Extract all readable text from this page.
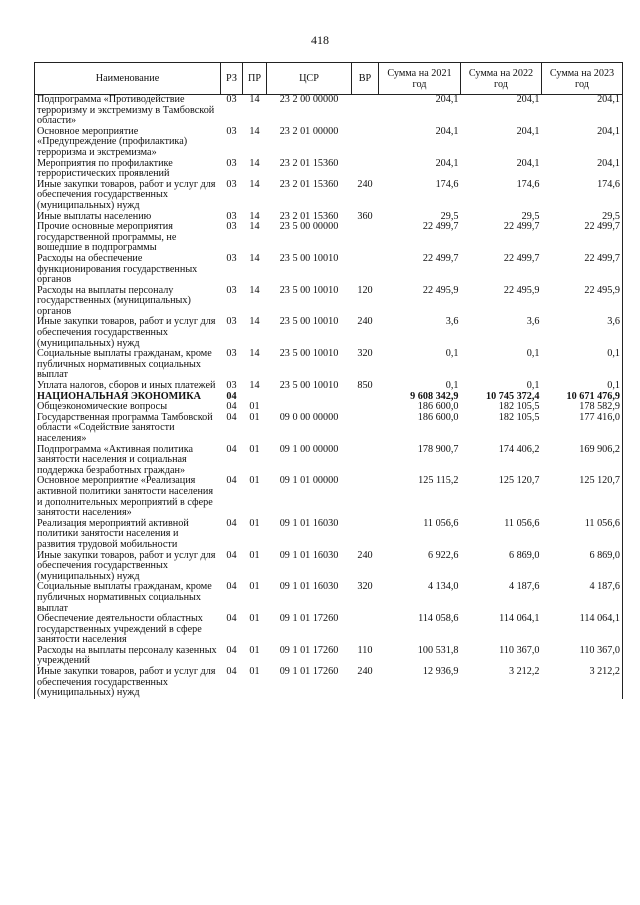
418
Наименование	РЗ	ПР	ЦСР	ВР	Сумма на 2021 год	Сумма на 2022 год	Сумма на 2023 год
Подпрограмма «Противодействие терроризму и экстремизму в Тамбовской области»	03	14	23 2 00 00000		204,1	204,1	204,1
Основное мероприятие «Предупреждение (профилактика) терроризма и экстремизма»	03	14	23 2 01 00000		204,1	204,1	204,1
Мероприятия по профилактике террористических проявлений	03	14	23 2 01 15360		204,1	204,1	204,1
Иные закупки товаров, работ и услуг для обеспечения государственных (муниципальных) нужд	03	14	23 2 01 15360	240	174,6	174,6	174,6
Иные выплаты населению	03	14	23 2 01 15360	360	29,5	29,5	29,5
Прочие основные мероприятия государственной программы, не вошедшие в подпрограммы	03	14	23 5 00 00000		22 499,7	22 499,7	22 499,7
Расходы на обеспечение функционирования государственных органов	03	14	23 5 00 10010		22 499,7	22 499,7	22 499,7
Расходы на выплаты персоналу государственных (муниципальных) органов	03	14	23 5 00 10010	120	22 495,9	22 495,9	22 495,9
Иные закупки товаров, работ и услуг для обеспечения государственных (муниципальных) нужд	03	14	23 5 00 10010	240	3,6	3,6	3,6
Социальные выплаты гражданам, кроме публичных нормативных социальных выплат	03	14	23 5 00 10010	320	0,1	0,1	0,1
Уплата налогов, сборов и иных платежей	03	14	23 5 00 10010	850	0,1	0,1	0,1
НАЦИОНАЛЬНАЯ ЭКОНОМИКА	04				9 608 342,9	10 745 372,4	10 671 476,9
Общеэкономические вопросы	04	01			186 600,0	182 105,5	178 582,9
Государственная программа Тамбовской области «Содействие занятости населения»	04	01	09 0 00 00000		186 600,0	182 105,5	177 416,0
Подпрограмма «Активная политика занятости населения и социальная поддержка безработных граждан»	04	01	09 1 00 00000		178 900,7	174 406,2	169 906,2
Основное мероприятие «Реализация активной политики занятости населения и дополнительных мероприятий в сфере занятости населения»	04	01	09 1 01 00000		125 115,2	125 120,7	125 120,7
Реализация мероприятий активной политики занятости населения и развития трудовой мобильности	04	01	09 1 01 16030		11 056,6	11 056,6	11 056,6
Иные закупки товаров, работ и услуг для обеспечения государственных (муниципальных) нужд	04	01	09 1 01 16030	240	6 922,6	6 869,0	6 869,0
Социальные выплаты гражданам, кроме публичных нормативных социальных выплат	04	01	09 1 01 16030	320	4 134,0	4 187,6	4 187,6
Обеспечение деятельности областных государственных учреждений в сфере занятости населения	04	01	09 1 01 17260		114 058,6	114 064,1	114 064,1
Расходы на выплаты персоналу казенных учреждений	04	01	09 1 01 17260	110	100 531,8	110 367,0	110 367,0
Иные закупки товаров, работ и услуг для обеспечения государственных (муниципальных) нужд	04	01	09 1 01 17260	240	12 936,9	3 212,2	3 212,2
